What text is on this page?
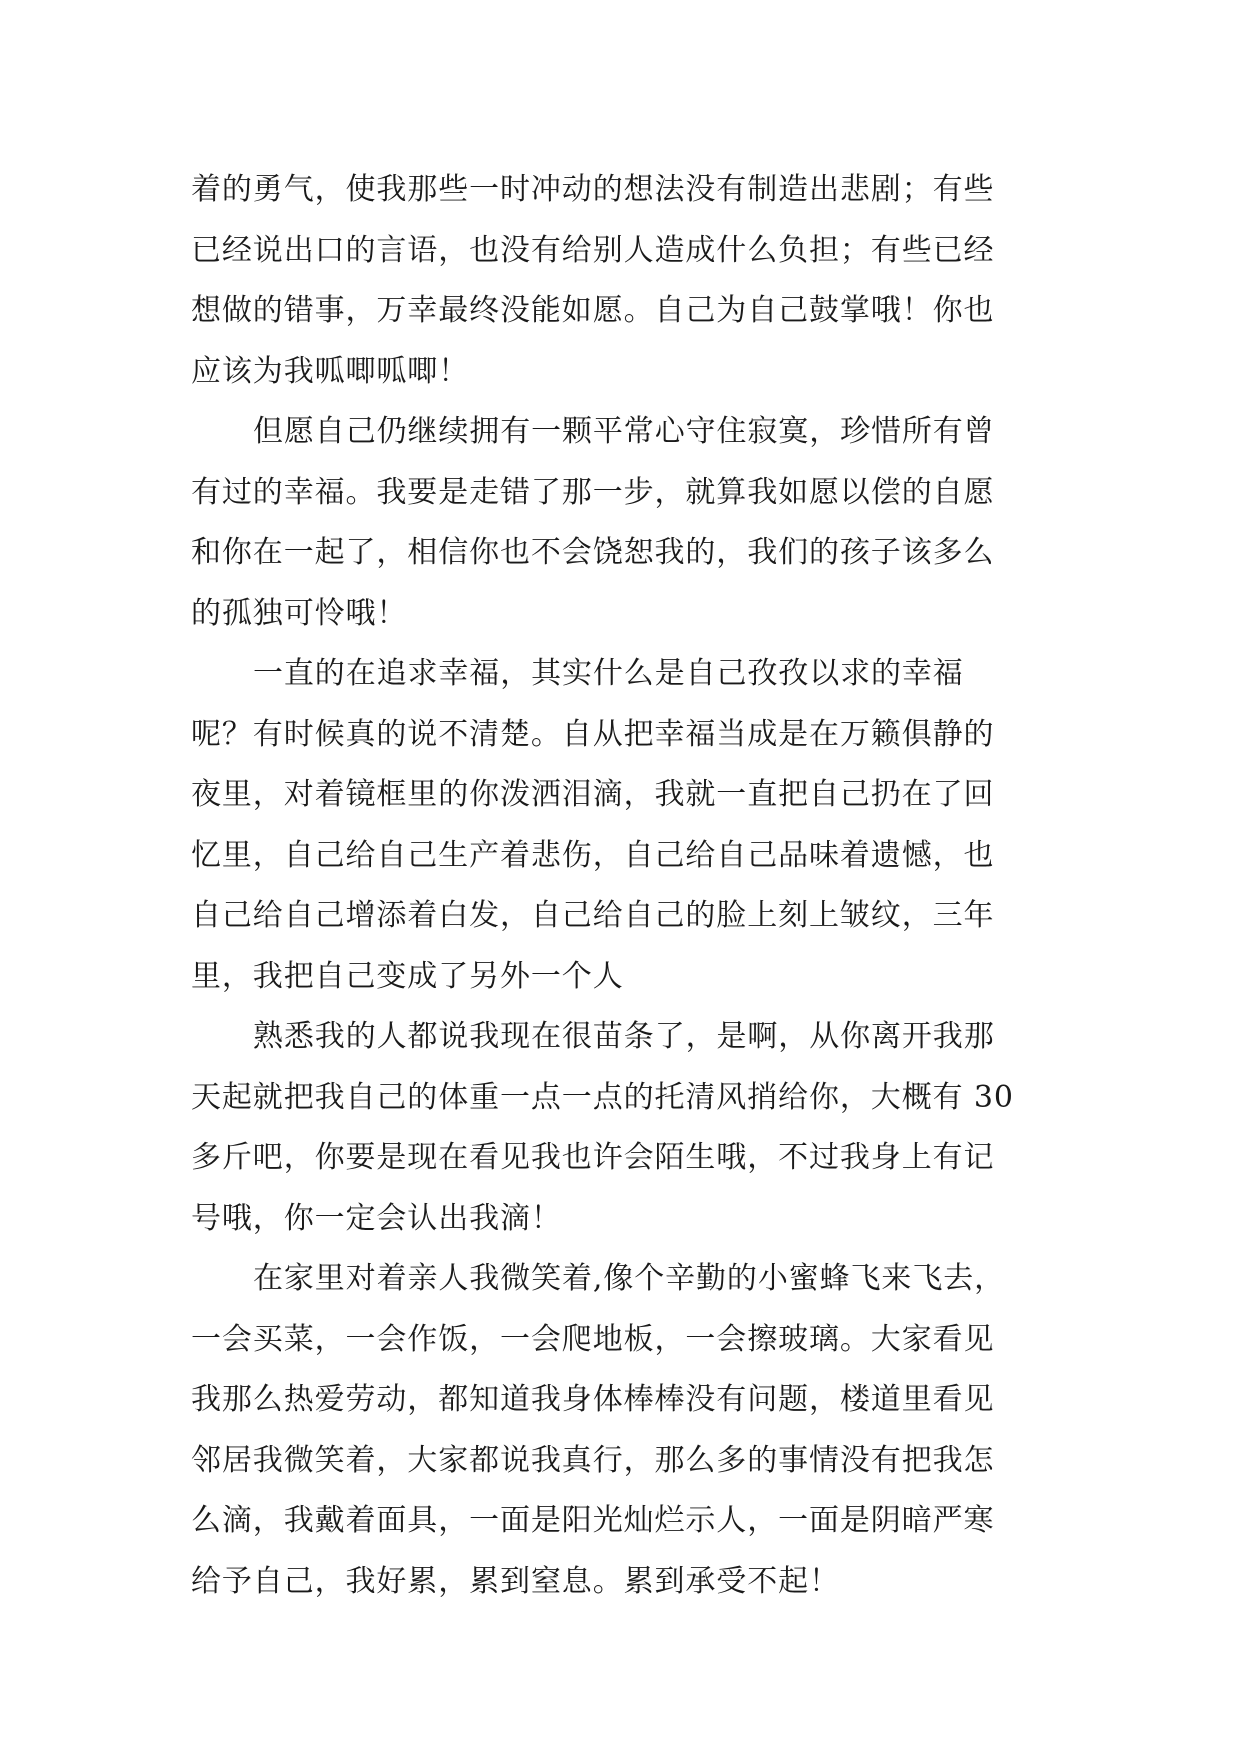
着的勇气，使我那些一时冲动的想法没有制造出悲剧；有些
已经说出口的言语，也没有给别人造成什么负担；有些已经
想做的错事，万幸最终没能如愿。自己为自己鼓掌哦！你也
应该为我呱唧呱唧！
但愿自己仍继续拥有一颗平常心守住寂寞，珍惜所有曾
有过的幸福。我要是走错了那一步，就算我如愿以偿的自愿
和你在一起了，相信你也不会饶恕我的，我们的孩子该多么
的孤独可怜哦！
一直的在追求幸福，其实什么是自己孜孜以求的幸福
呢？有时候真的说不清楚。自从把幸福当成是在万籁俱静的
夜里，对着镜框里的你泼洒泪滴，我就一直把自己扔在了回
忆里，自己给自己生产着悲伤，自己给自己品味着遗憾，也
自己给自己增添着白发，自己给自己的脸上刻上皱纹，三年
里，我把自己变成了另外一个人
熟悉我的人都说我现在很苗条了，是啊，从你离开我那
天起就把我自己的体重一点一点的托清风捎给你，大概有 30
多斤吧，你要是现在看见我也许会陌生哦，不过我身上有记
号哦，你一定会认出我滴！
在家里对着亲人我微笑着,像个辛勤的小蜜蜂飞来飞去，
一会买菜，一会作饭，一会爬地板，一会擦玻璃。大家看见
我那么热爱劳动，都知道我身体棒棒没有问题，楼道里看见
邻居我微笑着，大家都说我真行，那么多的事情没有把我怎
么滴，我戴着面具，一面是阳光灿烂示人，一面是阴暗严寒
给予自己，我好累，累到窒息。累到承受不起！
